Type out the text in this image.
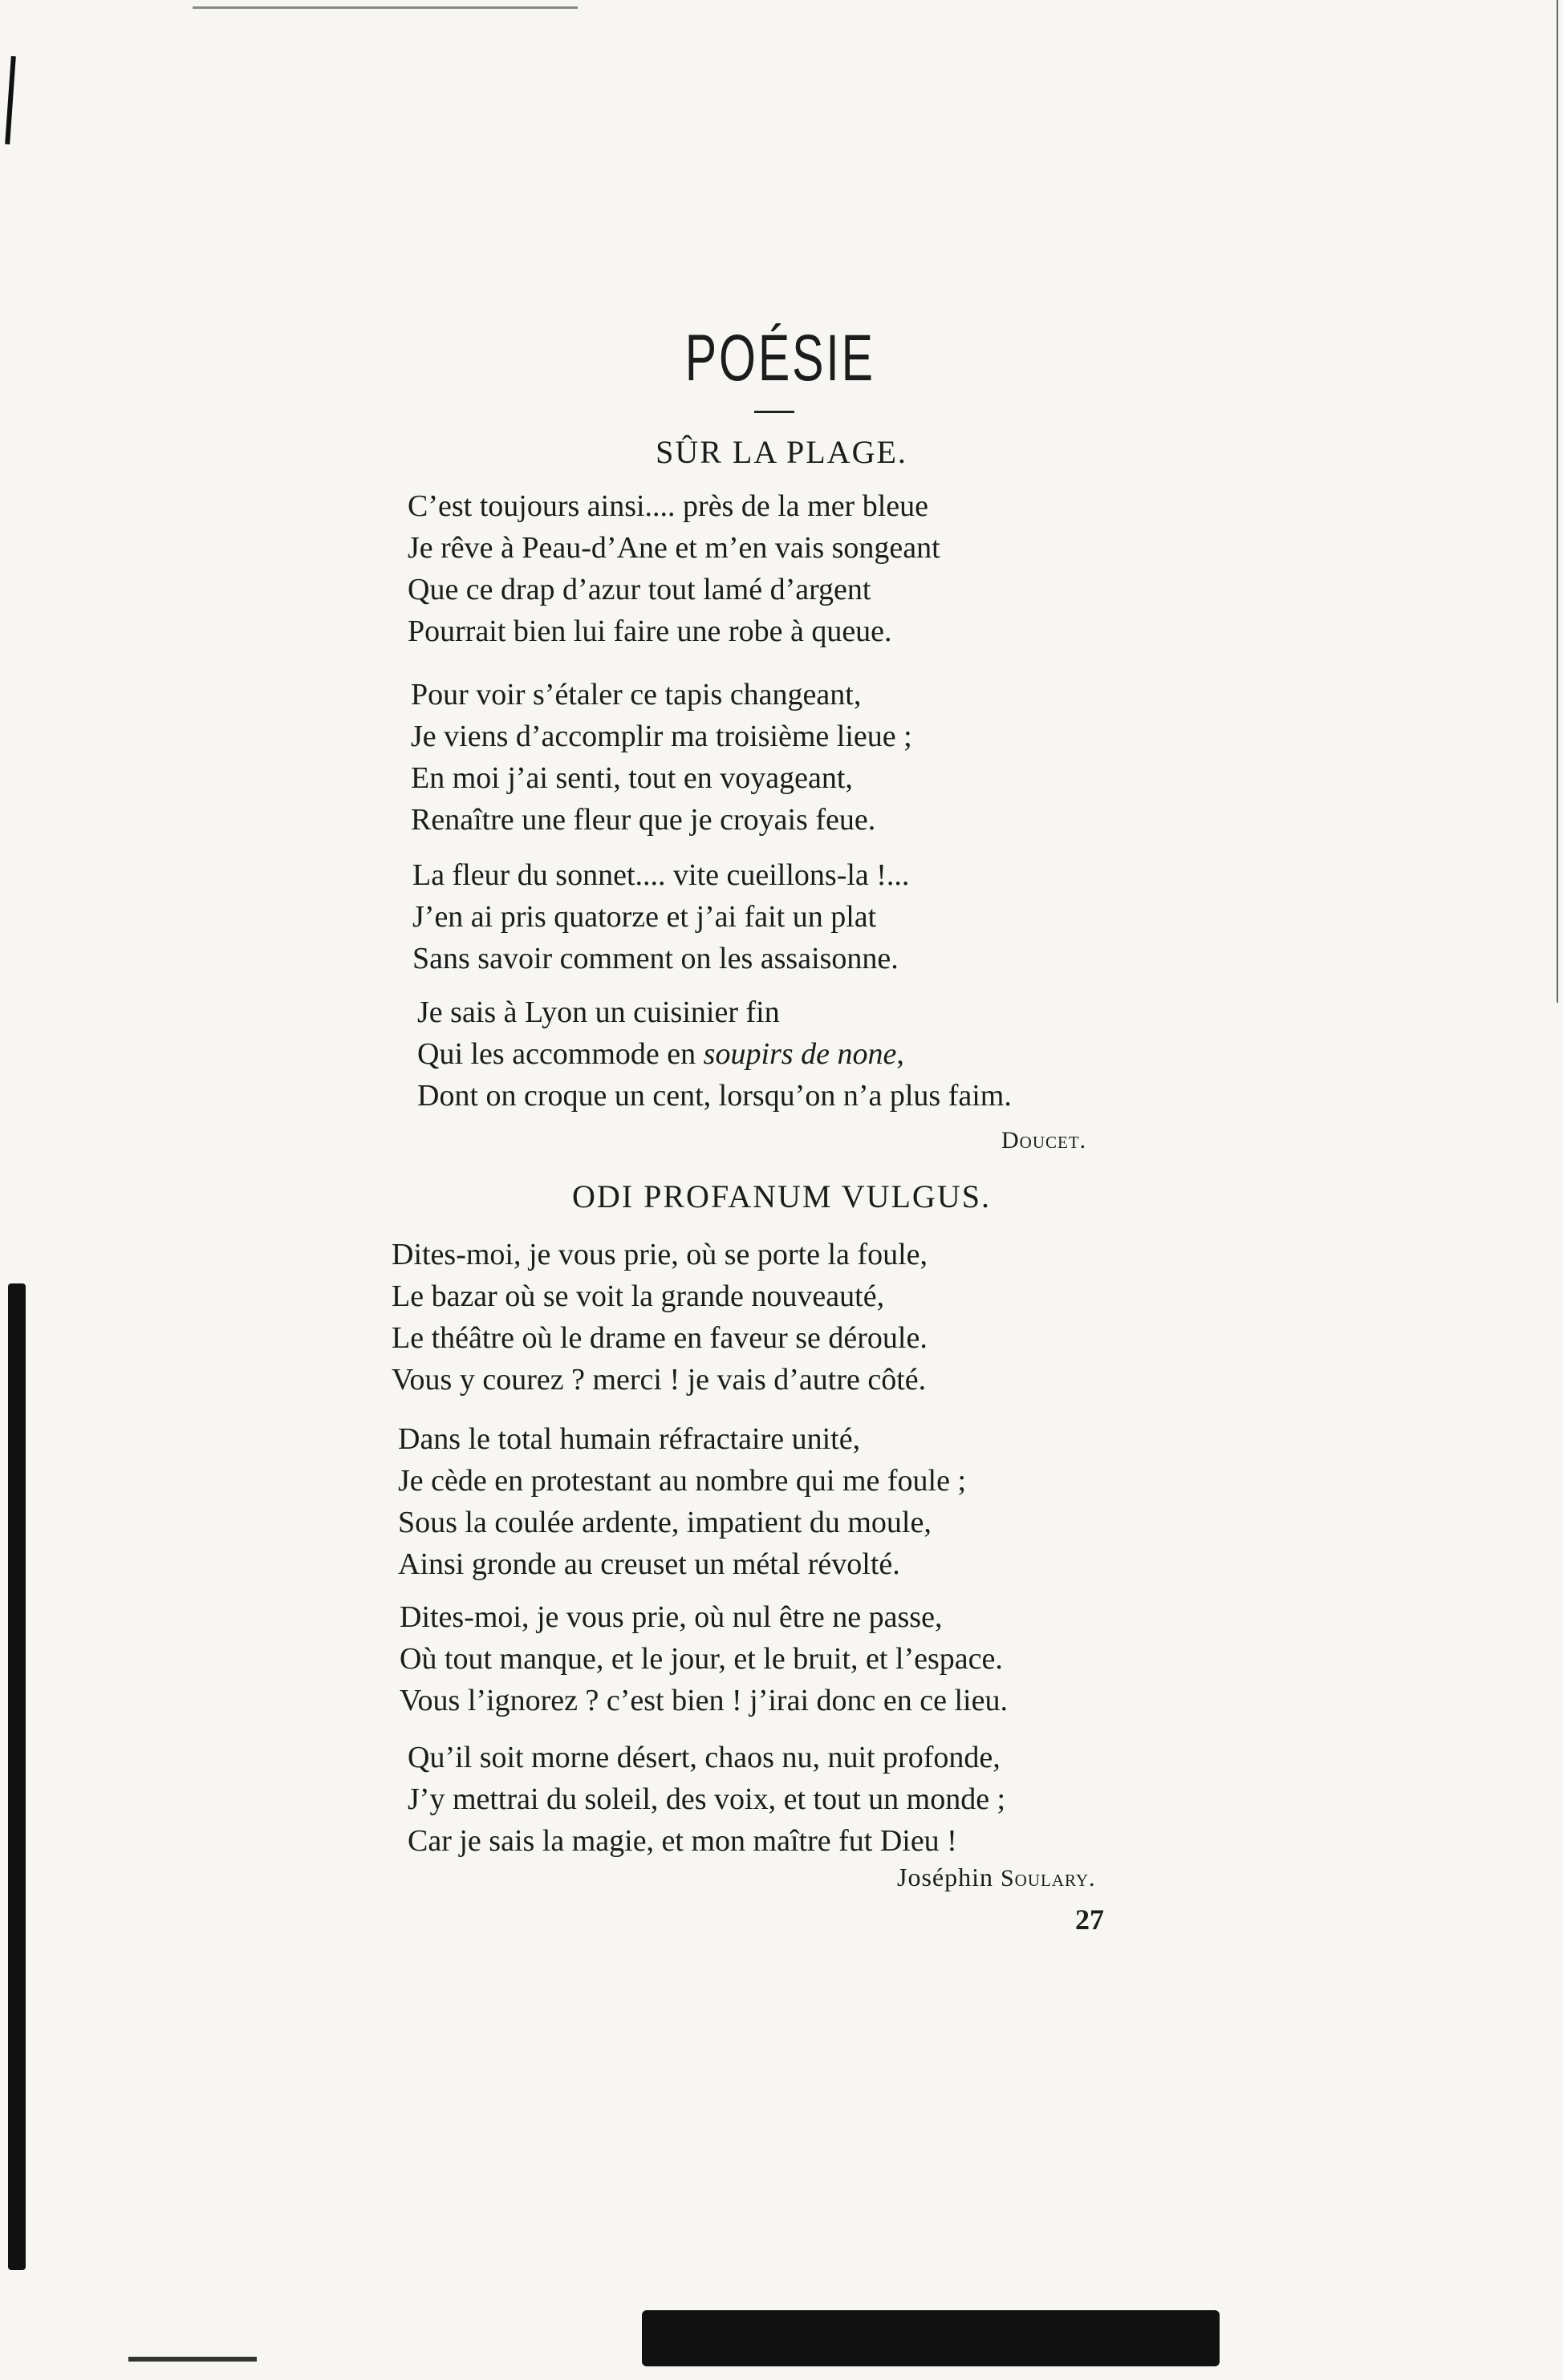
POÉSIE
SÛR LA PLAGE.

C’est toujours ainsi.... près de la mer bleue

Je rêve à Peau-d’Ane et m’en vais songeant

Que ce drap d’azur tout lamé d’argent

Pourrait bien lui faire une robe à queue.

Pour voir s’étaler ce tapis changeant,

Je viens d’accomplir ma troisième lieue ;

En moi j’ai senti, tout en voyageant,

Renaître une fleur que je croyais feue.

La fleur du sonnet.... vite cueillons-la !...

J’en ai pris quatorze et j’ai fait un plat

Sans savoir comment on les assaisonne.

Je sais à Lyon un cuisinier fin

Qui les accommode en soupirs de none,

Dont on croque un cent, lorsqu’on n’a plus faim.

Doucet.
ODI PROFANUM VULGUS.

Dites-moi, je vous prie, où se porte la foule,

Le bazar où se voit la grande nouveauté,

Le théâtre où le drame en faveur se déroule.

Vous y courez ? merci ! je vais d’autre côté.

Dans le total humain réfractaire unité,

Je cède en protestant au nombre qui me foule ;

Sous la coulée ardente, impatient du moule,

Ainsi gronde au creuset un métal révolté.

Dites-moi, je vous prie, où nul être ne passe,

Où tout manque, et le jour, et le bruit, et l’espace.

Vous l’ignorez ? c’est bien ! j’irai donc en ce lieu.

Qu’il soit morne désert, chaos nu, nuit profonde,

J’y mettrai du soleil, des voix, et tout un monde ;

Car je sais la magie, et mon maître fut Dieu !

Joséphin Soulary.
27
